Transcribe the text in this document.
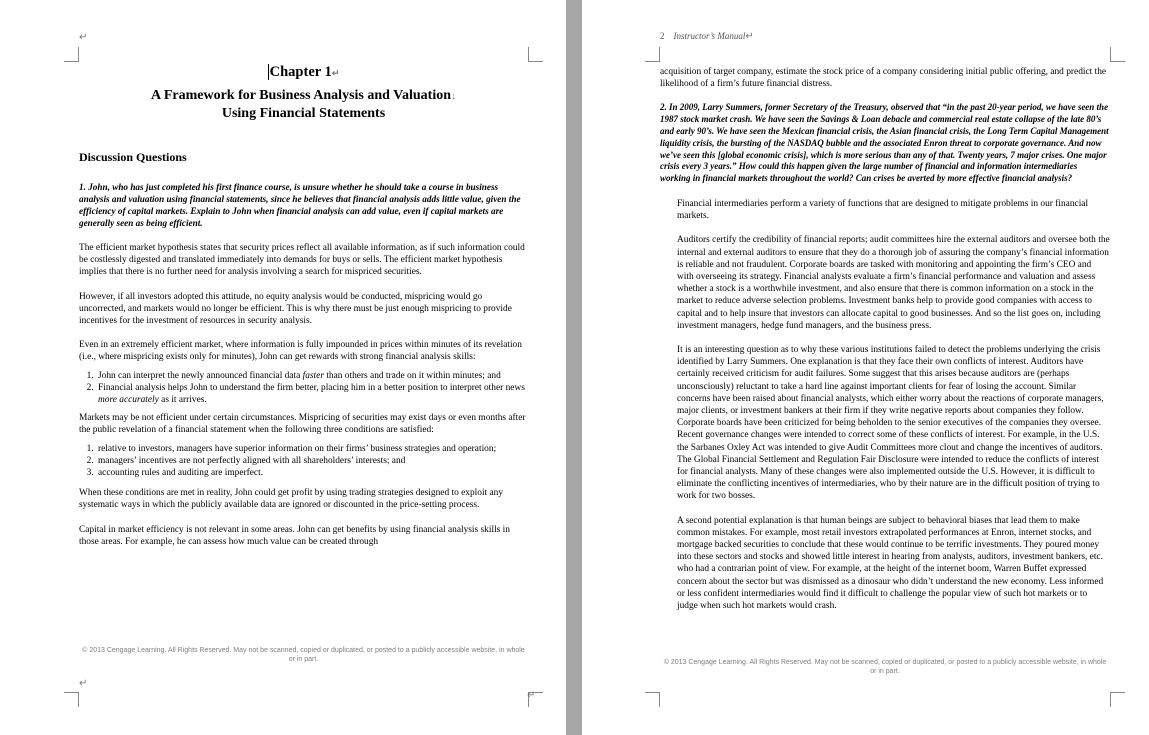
↵
↵
↵

Chapter 1↵

A Framework for Business Analysis and Valuation↓
Using Financial Statements

Discussion Questions

1. John, who has just completed his first finance course, is unsure whether he should take a course in business analysis and valuation using financial statements, since he believes that financial analysis adds little value, given the efficiency of capital markets. Explain to John when financial analysis can add value, even if capital markets are generally seen as being efficient.

The efficient market hypothesis states that security prices reflect all available information, as if such information could be costlessly digested and translated immediately into demands for buys or sells. The efficient market hypothesis implies that there is no further need for analysis involving a search for mispriced securities.

However, if all investors adopted this attitude, no equity analysis would be conducted, mispricing would go uncorrected, and markets would no longer be efficient. This is why there must be just enough mispricing to provide incentives for the investment of resources in security analysis.

Even in an extremely efficient market, where information is fully impounded in prices within minutes of its revelation (i.e., where mispricing exists only for minutes), John can get rewards with strong financial analysis skills:

1. John can interpret the newly announced financial data faster than others and trade on it within minutes; and
2. Financial analysis helps John to understand the firm better, placing him in a better position to interpret other news more accurately as it arrives.

Markets may be not efficient under certain circumstances. Mispricing of securities may exist days or even months after the public revelation of a financial statement when the following three conditions are satisfied:

1. relative to investors, managers have superior information on their firms’ business strategies and operation;
2. managers’ incentives are not perfectly aligned with all shareholders’ interests; and
3. accounting rules and auditing are imperfect.

When these conditions are met in reality, John could get profit by using trading strategies designed to exploit any systematic ways in which the publicly available data are ignored or discounted in the price-setting process.

Capital in market efficiency is not relevant in some areas. John can get benefits by using financial analysis skills in those areas. For example, he can assess how much value can be created through

© 2013 Cengage Learning. All Rights Reserved. May not be scanned, copied or duplicated, or posted to a publicly accessible website, in whole or in part.
2 Instructor’s Manual↵

acquisition of target company, estimate the stock price of a company considering initial public offering, and predict the likelihood of a firm’s future financial distress.

2. In 2009, Larry Summers, former Secretary of the Treasury, observed that “in the past 20-year period, we have seen the 1987 stock market crash. We have seen the Savings & Loan debacle and commercial real estate collapse of the late 80’s and early 90’s. We have seen the Mexican financial crisis, the Asian financial crisis, the Long Term Capital Management liquidity crisis, the bursting of the NASDAQ bubble and the associated Enron threat to corporate governance. And now we’ve seen this [global economic crisis], which is more serious than any of that. Twenty years, 7 major crises. One major crisis every 3 years.” How could this happen given the large number of financial and information intermediaries working in financial markets throughout the world? Can crises be averted by more effective financial analysis?

Financial intermediaries perform a variety of functions that are designed to mitigate problems in our financial markets.

Auditors certify the credibility of financial reports; audit committees hire the external auditors and oversee both the internal and external auditors to ensure that they do a thorough job of assuring the company’s financial information is reliable and not fraudulent. Corporate boards are tasked with monitoring and appointing the firm’s CEO and with overseeing its strategy. Financial analysts evaluate a firm’s financial performance and valuation and assess whether a stock is a worthwhile investment, and also ensure that there is common information on a stock in the market to reduce adverse selection problems. Investment banks help to provide good companies with access to capital and to help insure that investors can allocate capital to good businesses. And so the list goes on, including investment managers, hedge fund managers, and the business press.

It is an interesting question as to why these various institutions failed to detect the problems underlying the crisis identified by Larry Summers. One explanation is that they face their own conflicts of interest. Auditors have certainly received criticism for audit failures. Some suggest that this arises because auditors are (perhaps unconsciously) reluctant to take a hard line against important clients for fear of losing the account. Similar concerns have been raised about financial analysts, which either worry about the reactions of corporate managers, major clients, or investment bankers at their firm if they write negative reports about companies they follow. Corporate boards have been criticized for being beholden to the senior executives of the companies they oversee. Recent governance changes were intended to correct some of these conflicts of interest. For example, in the U.S. the Sarbanes Oxley Act was intended to give Audit Committees more clout and change the incentives of auditors. The Global Financial Settlement and Regulation Fair Disclosure were intended to reduce the conflicts of interest for financial analysts. Many of these changes were also implemented outside the U.S. However, it is difficult to eliminate the conflicting incentives of intermediaries, who by their nature are in the difficult position of trying to work for two bosses.

A second potential explanation is that human beings are subject to behavioral biases that lead them to make common mistakes. For example, most retail investors extrapolated performances at Enron, internet stocks, and mortgage backed securities to conclude that these would continue to be terrific investments. They poured money into these sectors and stocks and showed little interest in hearing from analysts, auditors, investment bankers, etc. who had a contrarian point of view. For example, at the height of the internet boom, Warren Buffet expressed concern about the sector but was dismissed as a dinosaur who didn’t understand the new economy. Less informed or less confident intermediaries would find it difficult to challenge the popular view of such hot markets or to judge when such hot markets would crash.

© 2013 Cengage Learning. All Rights Reserved. May not be scanned, copied or duplicated, or posted to a publicly accessible website, in whole or in part.
